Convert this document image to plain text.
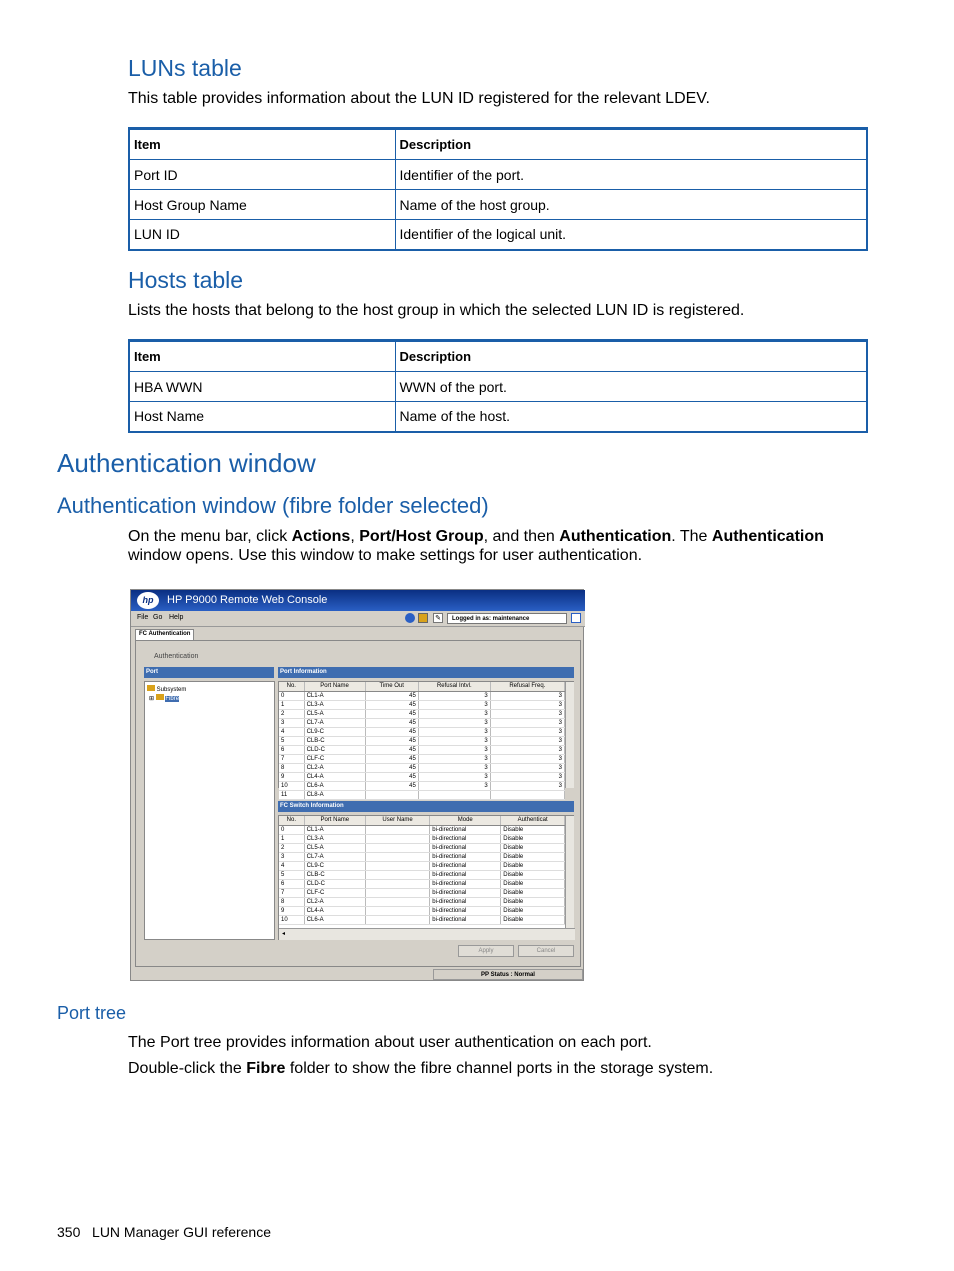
LUNs table
This table provides information about the LUN ID registered for the relevant LDEV.
Item	Description
Port ID	Identifier of the port.
Host Group Name	Name of the host group.
LUN ID	Identifier of the logical unit.
Hosts table
Lists the hosts that belong to the host group in which the selected LUN ID is registered.
Item	Description
HBA WWN	WWN of the port.
Host Name	Name of the host.
Authentication window
Authentication window (fibre folder selected)
On the menu bar, click Actions, Port/Host Group, and then Authentication. The Authentication
window opens. Use this window to make settings for user authentication.
hp	HP P9000 Remote Web Console
File Go Help	✎	Logged in as: maintenance
FC Authentication
Authentication
Port
Subsystem
⊞ Fibre
Port Information
No.	Port Name	Time Out	Refusal Intvl.	Refusal Freq.
0	CL1-A	45	3	3
1	CL3-A	45	3	3
2	CL5-A	45	3	3
3	CL7-A	45	3	3
4	CL9-C	45	3	3
5	CLB-C	45	3	3
6	CLD-C	45	3	3
7	CLF-C	45	3	3
8	CL2-A	45	3	3
9	CL4-A	45	3	3
10	CL6-A	45	3	3
11	CL8-A			
FC Switch Information
No.	Port Name	User Name	Mode	Authenticat
0	CL1-A		bi-directional	Disable
1	CL3-A		bi-directional	Disable
2	CL5-A		bi-directional	Disable
3	CL7-A		bi-directional	Disable
4	CL9-C		bi-directional	Disable
5	CLB-C		bi-directional	Disable
6	CLD-C		bi-directional	Disable
7	CLF-C		bi-directional	Disable
8	CL2-A		bi-directional	Disable
9	CL4-A		bi-directional	Disable
10	CL6-A		bi-directional	Disable
◂
Apply	Cancel
PP Status : Normal
Port tree
The Port tree provides information about user authentication on each port.
Double-click the Fibre folder to show the fibre channel ports in the storage system.
350 LUN Manager GUI reference
